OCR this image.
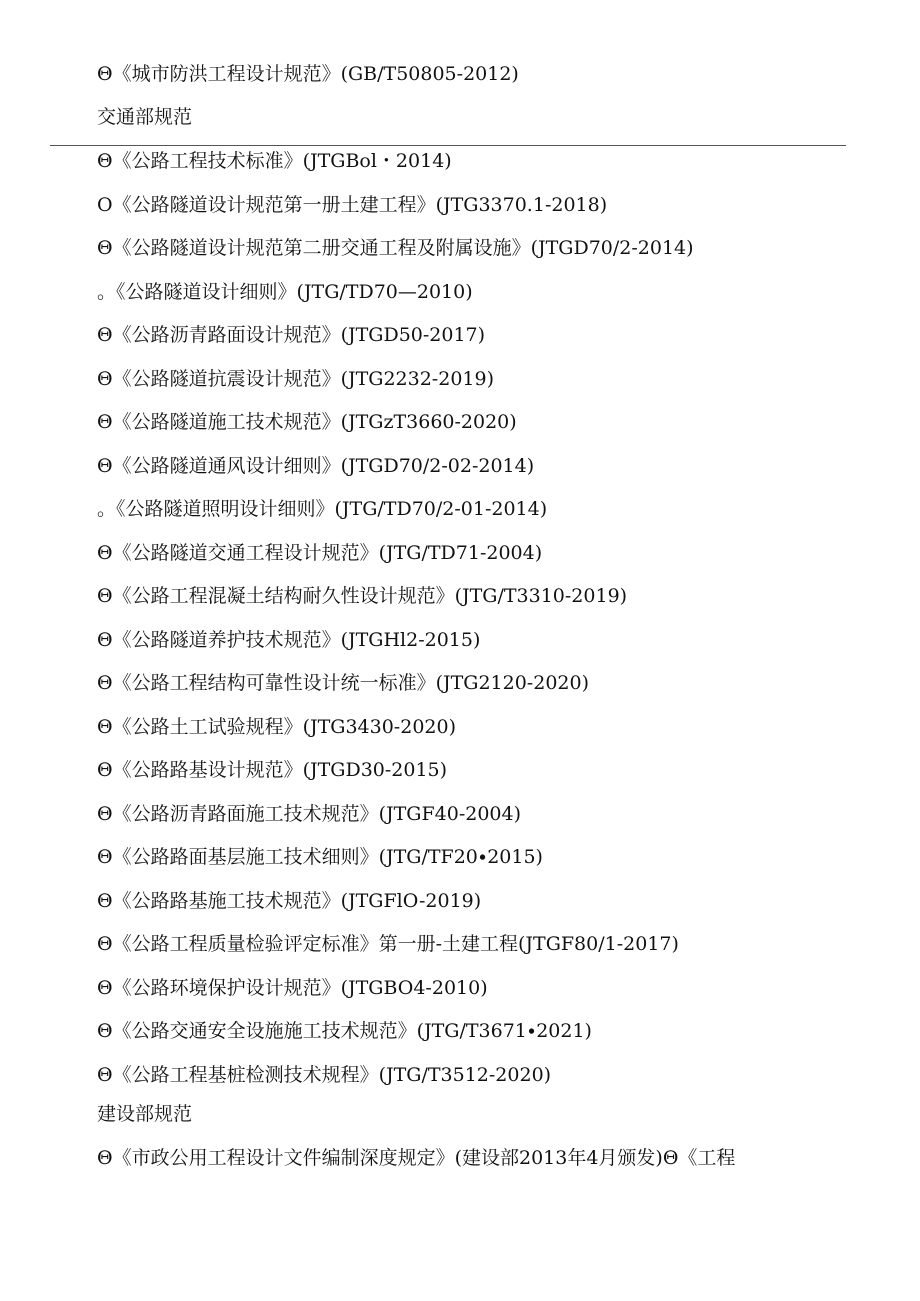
Θ《城市防洪工程设计规范》(GB/T50805-2012)
交通部规范
Θ《公路工程技术标准》(JTGBol・2014)
O《公路隧道设计规范第一册土建工程》(JTG3370.1-2018)
Θ《公路隧道设计规范第二册交通工程及附属设施》(JTGD70/2-2014)
。《公路隧道设计细则》(JTG/TD70—2010)
Θ《公路沥青路面设计规范》(JTGD50-2017)
Θ《公路隧道抗震设计规范》(JTG2232-2019)
Θ《公路隧道施工技术规范》(JTGzT3660-2020)
Θ《公路隧道通风设计细则》(JTGD70/2-02-2014)
。《公路隧道照明设计细则》(JTG∕TD70/2-01-2014)
Θ《公路隧道交通工程设计规范》(JTG/TD71-2004)
Θ《公路工程混凝土结构耐久性设计规范》(JTG/T3310-2019)
Θ《公路隧道养护技术规范》(JTGHl2-2015)
Θ《公路工程结构可靠性设计统一标准》(JTG2120-2020)
Θ《公路土工试验规程》(JTG3430-2020)
Θ《公路路基设计规范》(JTGD30-2015)
Θ《公路沥青路面施工技术规范》(JTGF40-2004)
Θ《公路路面基层施工技术细则》(JTG∕TF20∙2015)
Θ《公路路基施工技术规范》(JTGFlO-2019)
Θ《公路工程质量检验评定标准》第一册-土建工程(JTGF80/1-2017)
Θ《公路环境保护设计规范》(JTGBO4-2010)
Θ《公路交通安全设施施工技术规范》(JTG∕T3671∙2021)
Θ《公路工程基桩检测技术规程》(JTG/T3512-2020)
建设部规范
Θ《市政公用工程设计文件编制深度规定》(建设部2013年4月颁发)Θ《工程
